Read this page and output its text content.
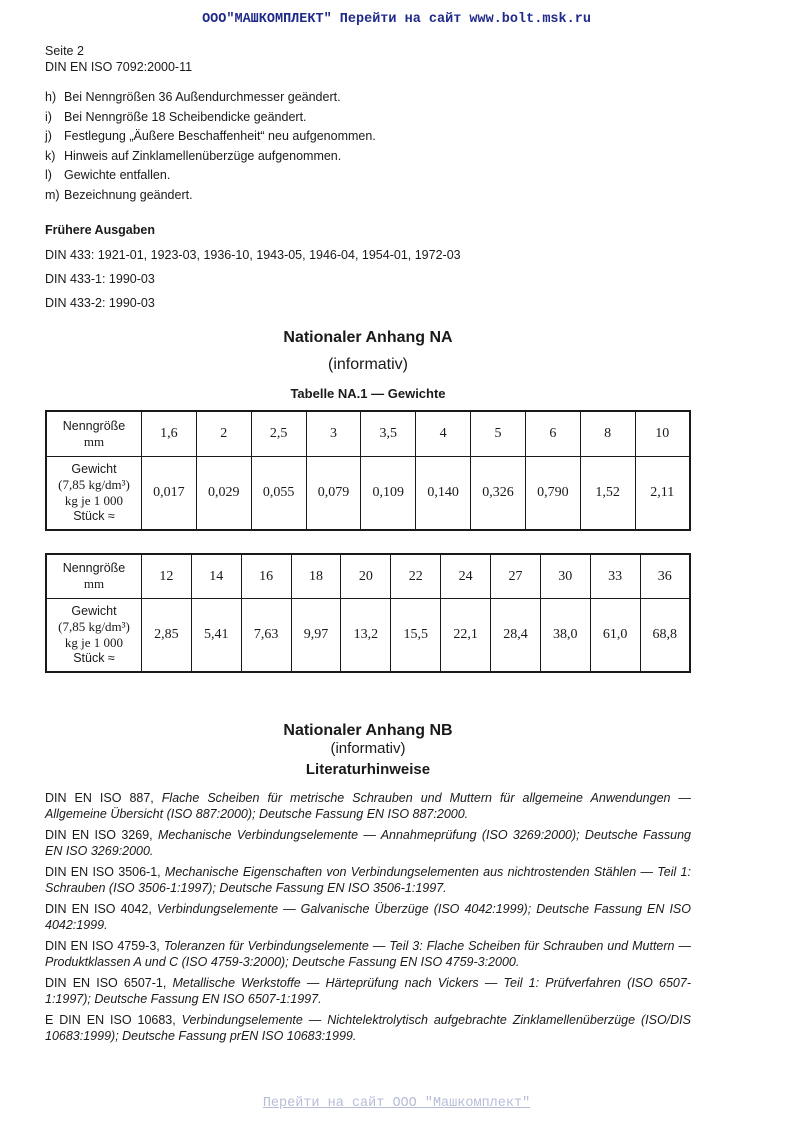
ООО"МАШКОМПЛЕКТ" Перейти на сайт www.bolt.msk.ru
Seite 2
DIN EN ISO 7092:2000-11
h) Bei Nenngrößen 36 Außendurchmesser geändert.
i) Bei Nenngröße 18 Scheibendicke geändert.
j) Festlegung „Äußere Beschaffenheit“ neu aufgenommen.
k) Hinweis auf Zinklamellenüberzüge aufgenommen.
l) Gewichte entfallen.
m) Bezeichnung geändert.
Frühere Ausgaben
DIN 433: 1921-01, 1923-03, 1936-10, 1943-05, 1946-04, 1954-01, 1972-03
DIN 433-1: 1990-03
DIN 433-2: 1990-03
Nationaler Anhang NA
(informativ)
Tabelle NA.1 — Gewichte
Nenngröße
mm	1,6	2	2,5	3	3,5	4	5	6	8	10
Gewicht
(7,85 kg/dm³)
kg je 1 000
Stück ≈	0,017	0,029	0,055	0,079	0,109	0,140	0,326	0,790	1,52	2,11
Nenngröße
mm	12	14	16	18	20	22	24	27	30	33	36
Gewicht
(7,85 kg/dm³)
kg je 1 000
Stück ≈	2,85	5,41	7,63	9,97	13,2	15,5	22,1	28,4	38,0	61,0	68,8
Nationaler Anhang NB
(informativ)
Literaturhinweise
DIN EN ISO 887, Flache Scheiben für metrische Schrauben und Muttern für allgemeine Anwendungen — Allgemeine Übersicht (ISO 887:2000); Deutsche Fassung EN ISO 887:2000.
DIN EN ISO 3269, Mechanische Verbindungselemente — Annahmeprüfung (ISO 3269:2000); Deutsche Fassung EN ISO 3269:2000.
DIN EN ISO 3506-1, Mechanische Eigenschaften von Verbindungselementen aus nichtrostenden Stählen — Teil 1: Schrauben (ISO 3506-1:1997); Deutsche Fassung EN ISO 3506-1:1997.
DIN EN ISO 4042, Verbindungselemente — Galvanische Überzüge (ISO 4042:1999); Deutsche Fassung EN ISO 4042:1999.
DIN EN ISO 4759-3, Toleranzen für Verbindungselemente — Teil 3: Flache Scheiben für Schrauben und Muttern — Produktklassen A und C (ISO 4759-3:2000); Deutsche Fassung EN ISO 4759-3:2000.
DIN EN ISO 6507-1, Metallische Werkstoffe — Härteprüfung nach Vickers — Teil 1: Prüfverfahren (ISO 6507-1:1997); Deutsche Fassung EN ISO 6507-1:1997.
E DIN EN ISO 10683, Verbindungselemente — Nichtelektrolytisch aufgebrachte Zinklamellenüberzüge (ISO/DIS 10683:1999); Deutsche Fassung prEN ISO 10683:1999.
Перейти на сайт ООО "Машкомплект"
